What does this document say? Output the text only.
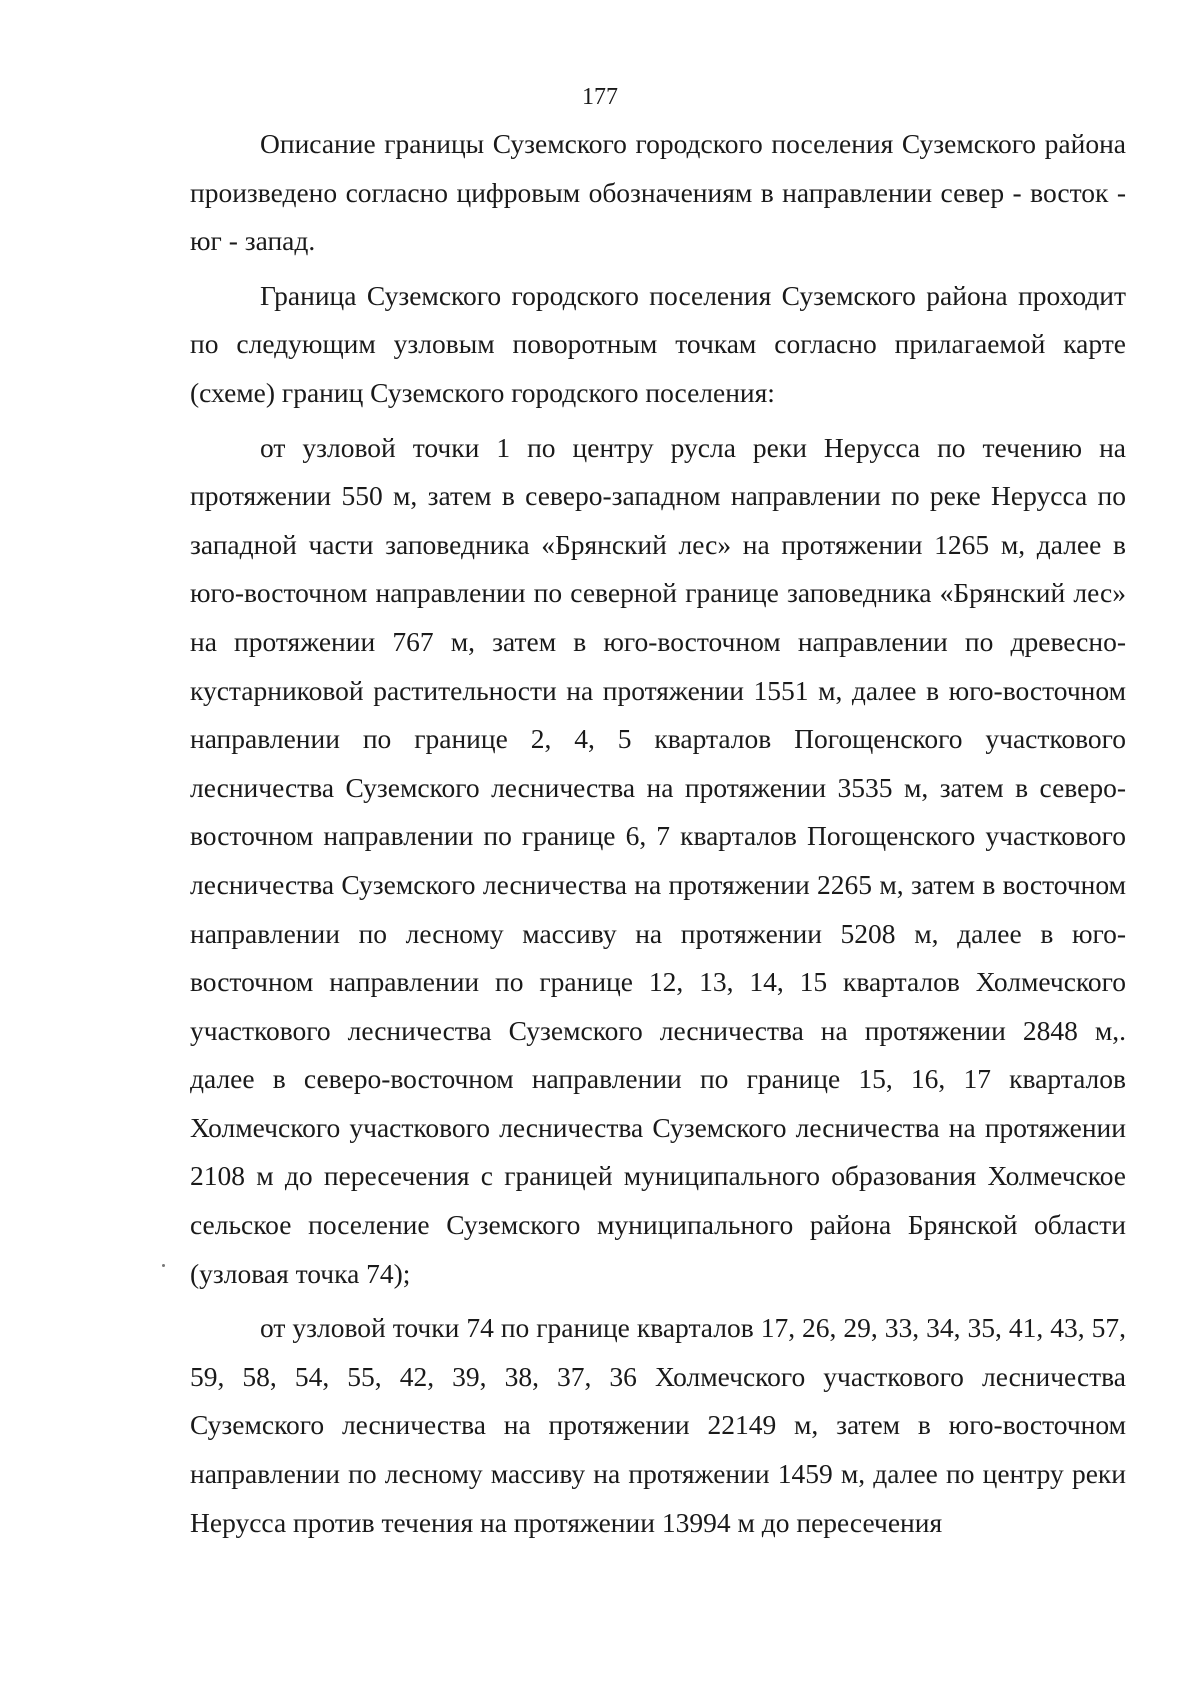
177

Описание границы Суземского городского поселения Суземского района произведено согласно цифровым обозначениям в направлении север - восток - юг - запад.

Граница Суземского городского поселения Суземского района проходит по следующим узловым поворотным точкам согласно прилагаемой карте (схеме) границ Суземского городского поселения:

от узловой точки 1 по центру русла реки Нерусса по течению на протяжении 550 м, затем в северо-западном направлении по реке Нерусса по западной части заповедника «Брянский лес» на протяжении 1265 м, далее в юго-восточном направлении по северной границе заповедника «Брянский лес» на протяжении 767 м, затем в юго-восточном направлении по древесно-кустарниковой растительности на протяжении 1551 м, далее в юго-восточном направлении по границе 2, 4, 5 кварталов Погощенского участкового лесничества Суземского лесничества на протяжении 3535 м, затем в северо-восточном направлении по границе 6, 7 кварталов Погощенского участкового лесничества Суземского лесничества на протяжении 2265 м, затем в восточном направлении по лесному массиву на протяжении 5208 м, далее в юго-восточном направлении по границе 12, 13, 14, 15 кварталов Холмечского участкового лесничества Суземского лесничества на протяжении 2848 м,. далее в северо-восточном направлении по границе 15, 16, 17 кварталов Холмечского участкового лесничества Суземского лесничества на протяжении 2108 м до пересечения с границей муниципального образования Холмечское сельское поселение Суземского муниципального района Брянской области (узловая точка 74);

от узловой точки 74 по границе кварталов 17, 26, 29, 33, 34, 35, 41, 43, 57, 59, 58, 54, 55, 42, 39, 38, 37, 36 Холмечского участкового лесничества Суземского лесничества на протяжении 22149 м, затем в юго-восточном направлении по лесному массиву на протяжении 1459 м, далее по центру реки Нерусса против течения на протяжении 13994 м до пересечения
